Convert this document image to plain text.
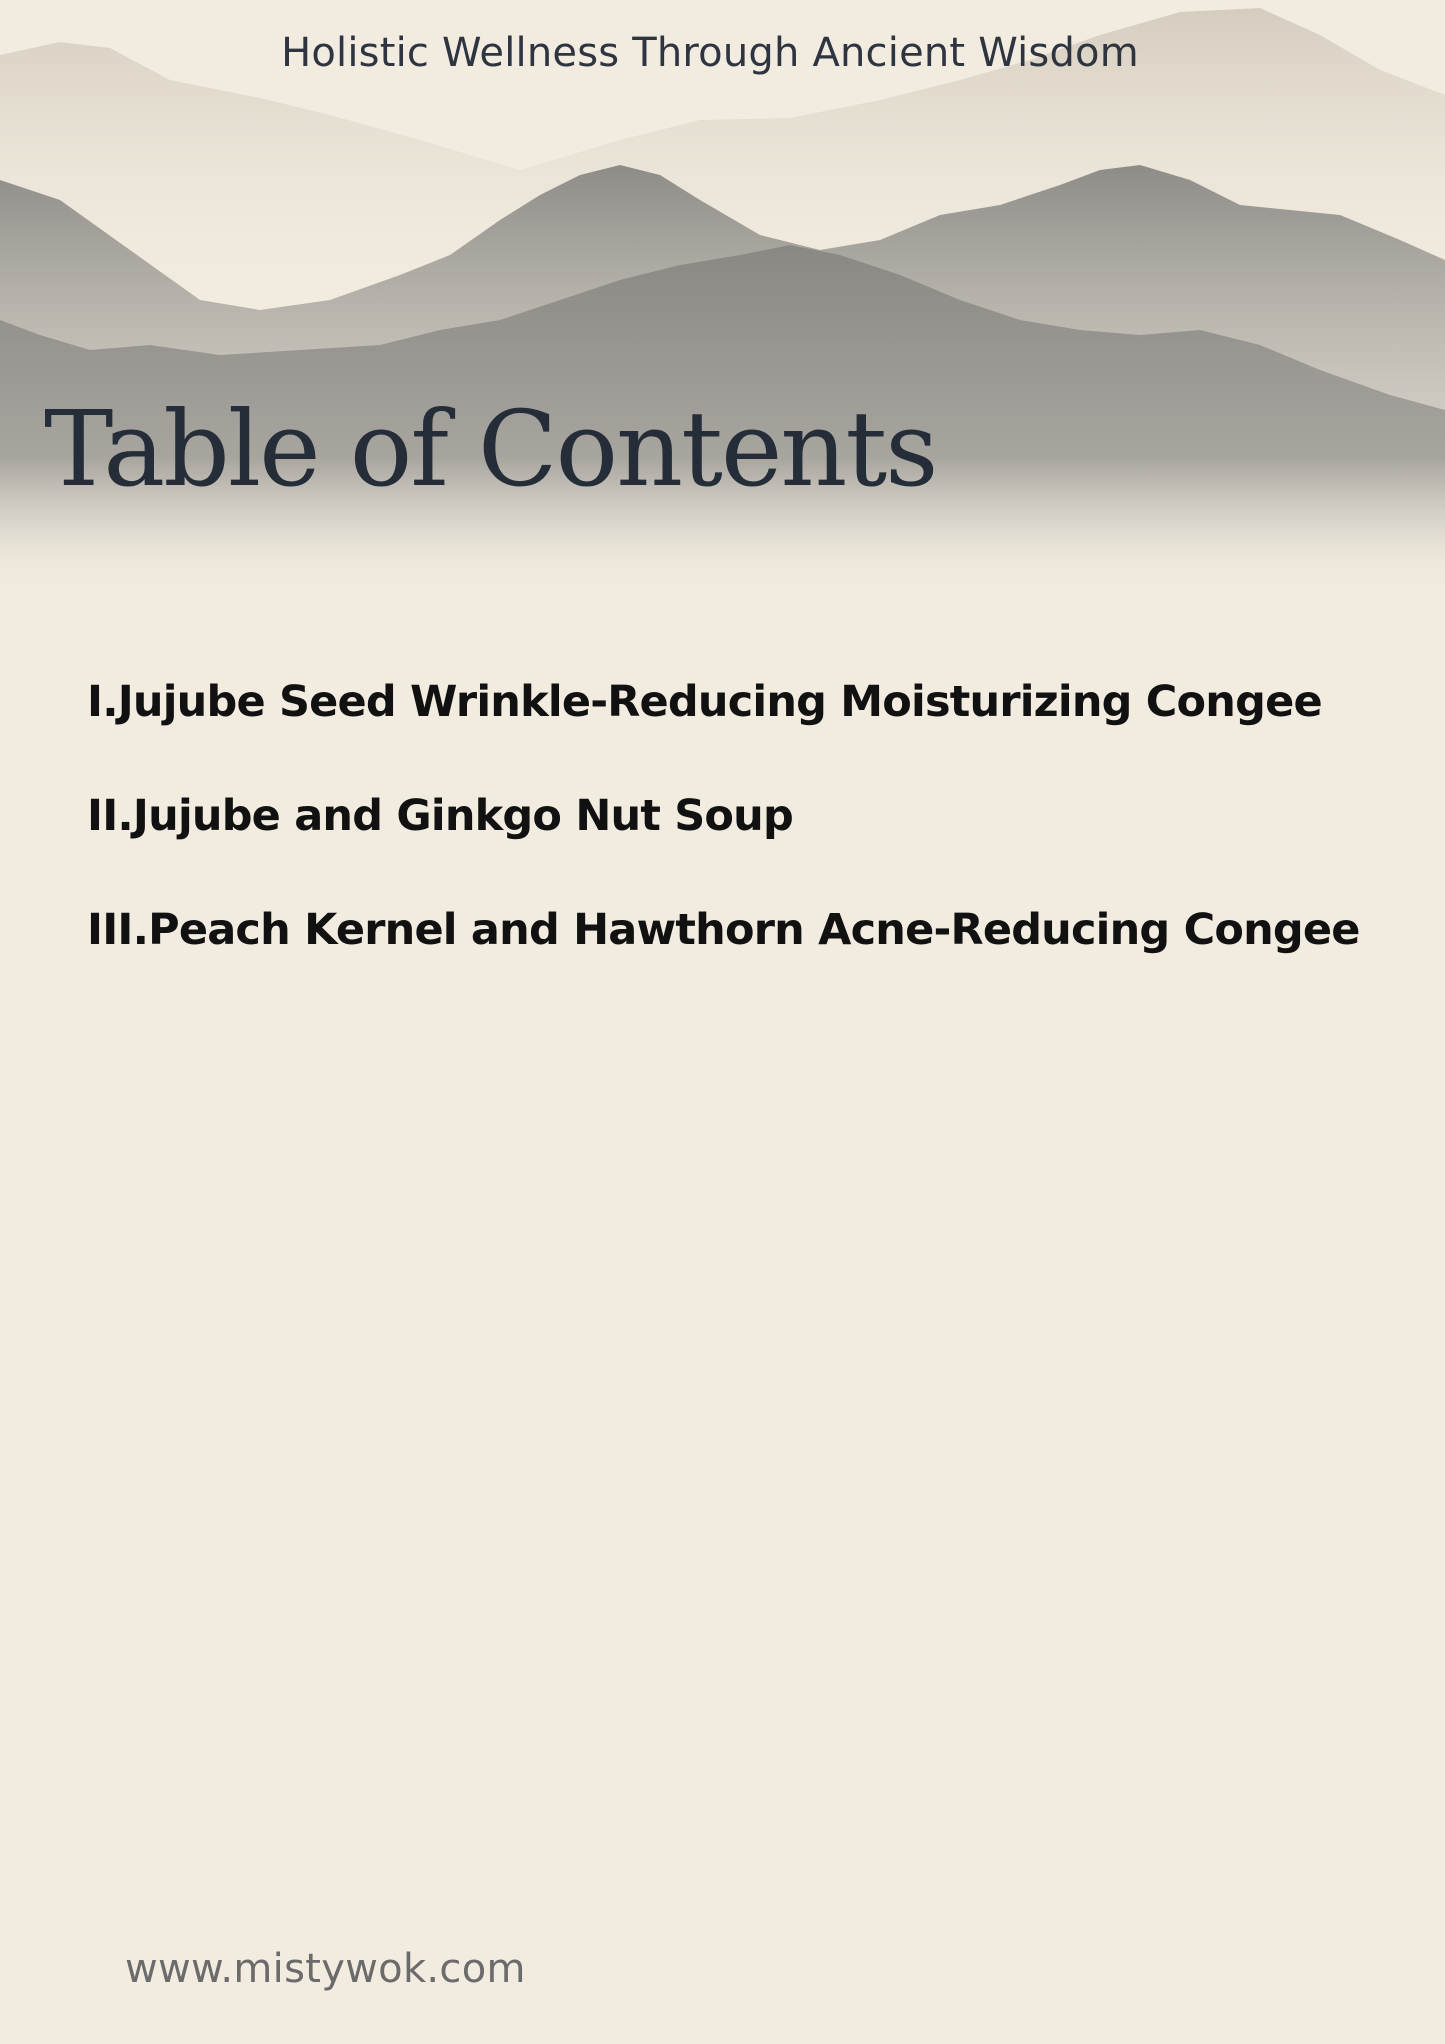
Holistic Wellness Through Ancient Wisdom
Table of Contents
I.Jujube Seed Wrinkle-Reducing Moisturizing Congee
II.Jujube and Ginkgo Nut Soup
III.Peach Kernel and Hawthorn Acne-Reducing Congee
www.mistywok.com
